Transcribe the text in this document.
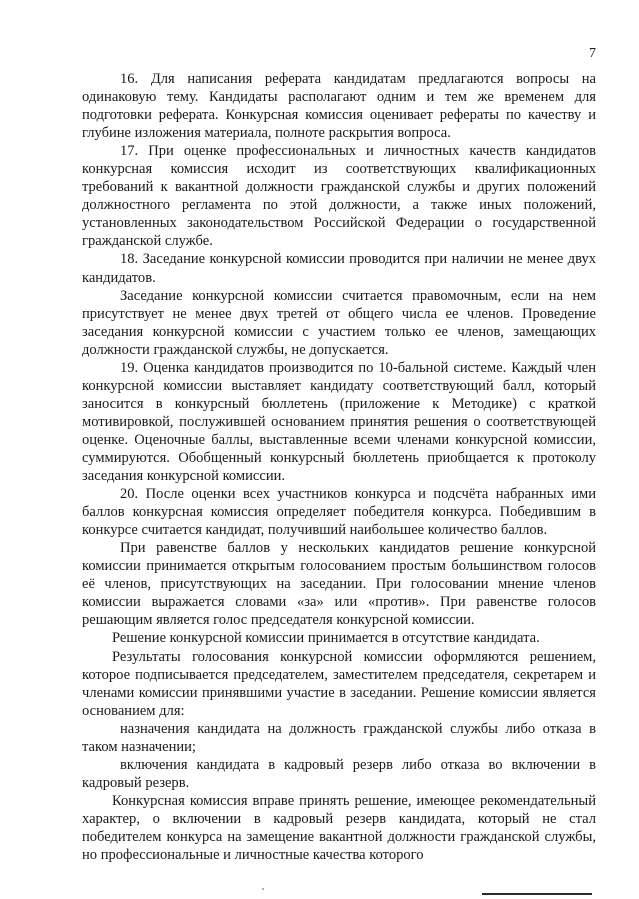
7

16. Для написания реферата кандидатам предлагаются вопросы на одинаковую тему. Кандидаты располагают одним и тем же временем для подготовки реферата. Конкурсная комиссия оценивает рефераты по качеству и глубине изложения материала, полноте раскрытия вопроса.

17. При оценке профессиональных и личностных качеств кандидатов конкурсная комиссия исходит из соответствующих квалификационных требований к вакантной должности гражданской службы и других положений должностного регламента по этой должности, а также иных положений, установленных законодательством Российской Федерации о государственной гражданской службе.

18. Заседание конкурсной комиссии проводится при наличии не менее двух кандидатов.

Заседание конкурсной комиссии считается правомочным, если на нем присутствует не менее двух третей от общего числа ее членов. Проведение заседания конкурсной комиссии с участием только ее членов, замещающих должности гражданской службы, не допускается.

19. Оценка кандидатов производится по 10-бальной системе. Каждый член конкурсной комиссии выставляет кандидату соответствующий балл, который заносится в конкурсный бюллетень (приложение к Методике) с краткой мотивировкой, послужившей основанием принятия решения о соответствующей оценке. Оценочные баллы, выставленные всеми членами конкурсной комиссии, суммируются. Обобщенный конкурсный бюллетень приобщается к протоколу заседания конкурсной комиссии.

20. После оценки всех участников конкурса и подсчёта набранных ими баллов конкурсная комиссия определяет победителя конкурса. Победившим в конкурсе считается кандидат, получивший наибольшее количество баллов.

При равенстве баллов у нескольких кандидатов решение конкурсной комиссии принимается открытым голосованием простым большинством голосов её членов, присутствующих на заседании. При голосовании мнение членов комиссии выражается словами «за» или «против». При равенстве голосов решающим является голос председателя конкурсной комиссии.

Решение конкурсной комиссии принимается в отсутствие кандидата.

Результаты голосования конкурсной комиссии оформляются решением, которое подписывается председателем, заместителем председателя, секретарем и членами комиссии принявшими участие в заседании. Решение комиссии является основанием для:

назначения кандидата на должность гражданской службы либо отказа в таком назначении;

включения кандидата в кадровый резерв либо отказа во включении в кадровый резерв.

Конкурсная комиссия вправе принять решение, имеющее рекомендательный характер, о включении в кадровый резерв кандидата, который не стал победителем конкурса на замещение вакантной должности гражданской службы, но профессиональные и личностные качества которого
